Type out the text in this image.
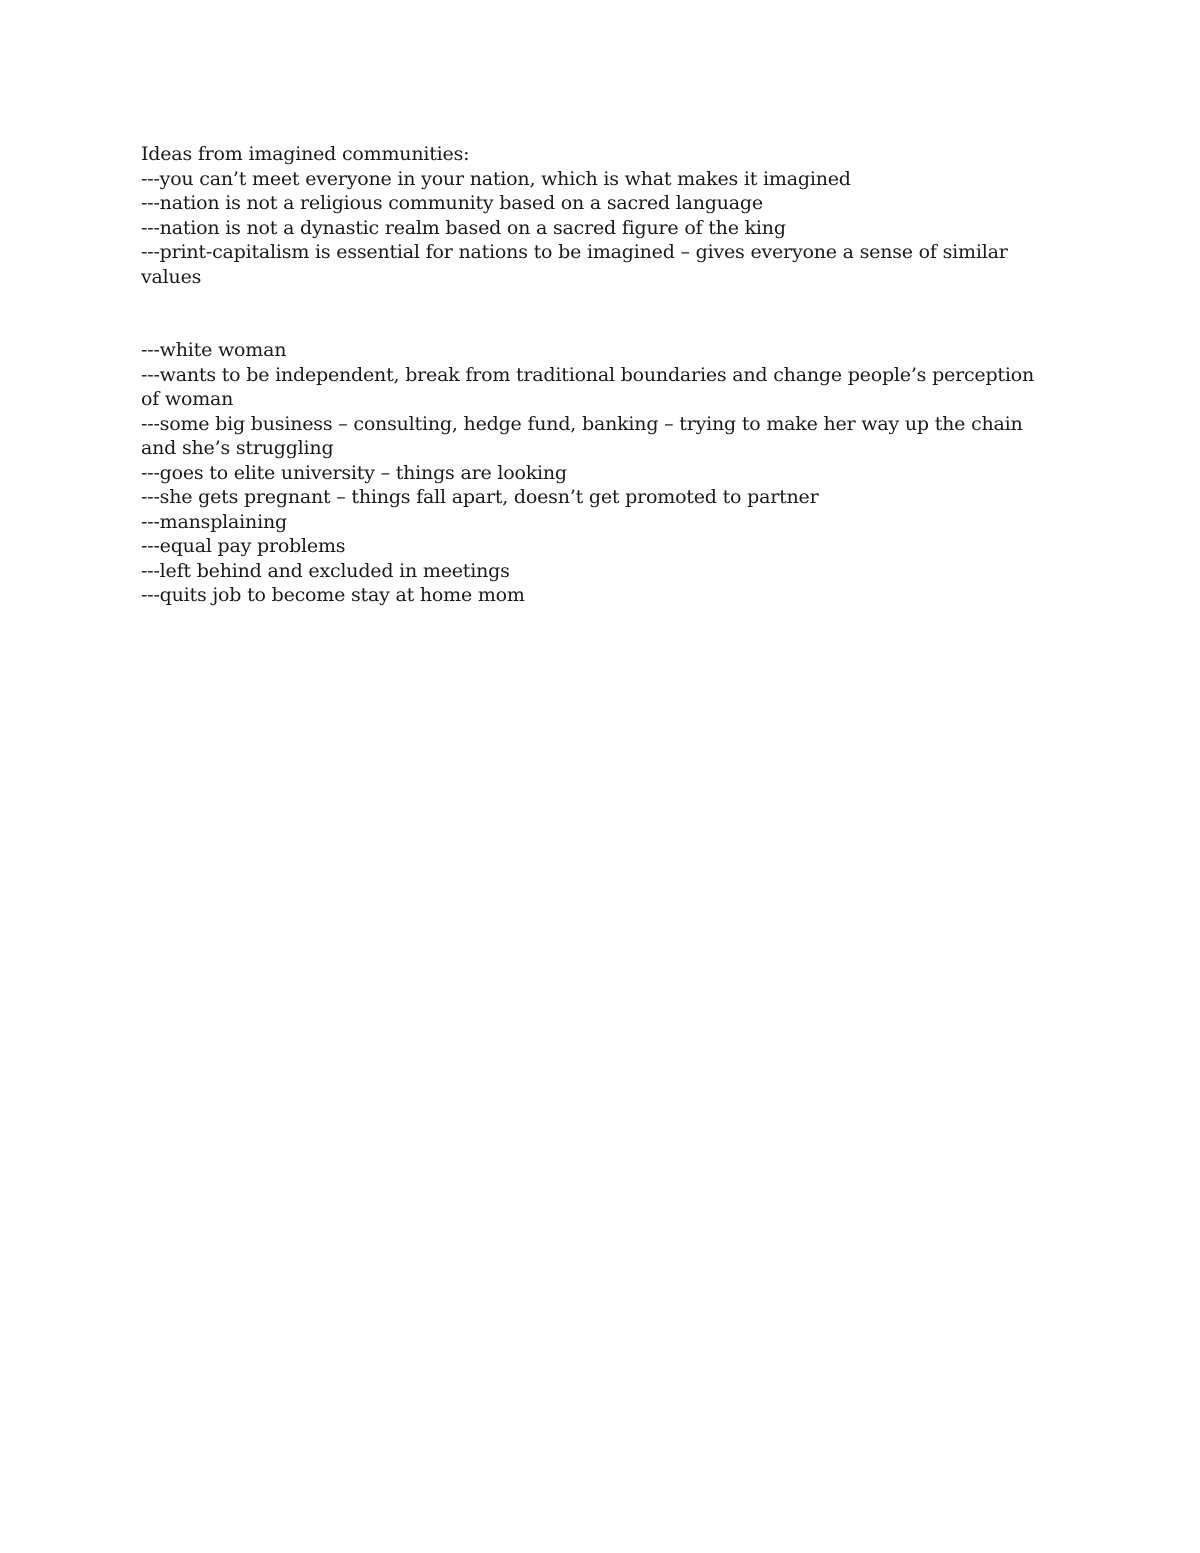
Ideas from imagined communities:

---you can’t meet everyone in your nation, which is what makes it imagined

---nation is not a religious community based on a sacred language

---nation is not a dynastic realm based on a sacred figure of the king

---print-capitalism is essential for nations to be imagined – gives everyone a sense of similar values

---white woman

---wants to be independent, break from traditional boundaries and change people’s perception of woman

---some big business – consulting, hedge fund, banking – trying to make her way up the chain and she’s struggling

---goes to elite university – things are looking

---she gets pregnant – things fall apart, doesn’t get promoted to partner

---mansplaining

---equal pay problems

---left behind and excluded in meetings

---quits job to become stay at home mom
